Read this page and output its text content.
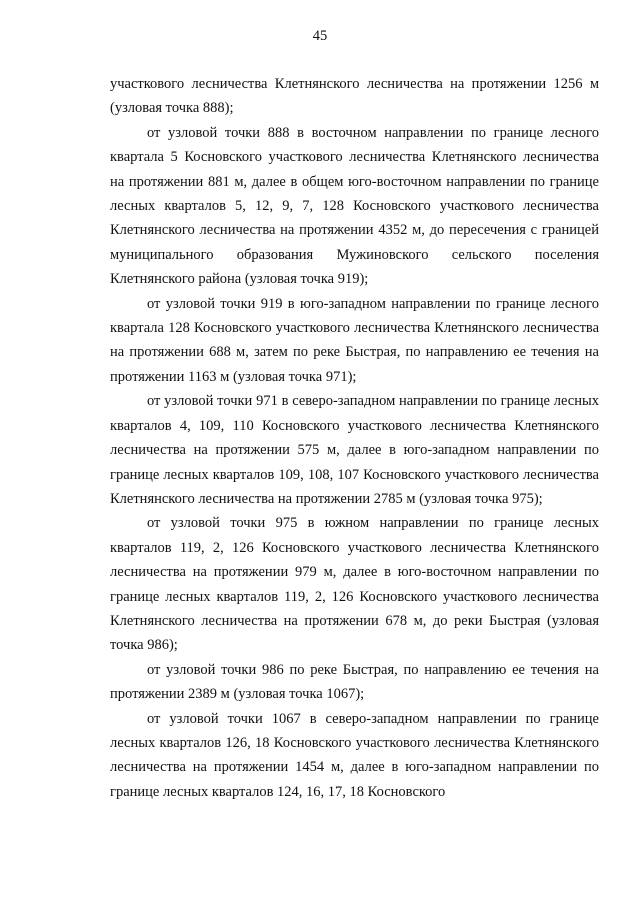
45

участкового лесничества Клетнянского лесничества на протяжении 1256 м (узловая точка 888);

от узловой точки 888 в восточном направлении по границе лесного квартала 5 Косновского участкового лесничества Клетнянского лесничества на протяжении 881 м, далее в общем юго-восточном направлении по границе лесных кварталов 5, 12, 9, 7, 128 Косновского участкового лесничества Клетнянского лесничества на протяжении 4352 м, до пересечения с границей муниципального образования Мужиновского сельского поселения Клетнянского района (узловая точка 919);

от узловой точки 919 в юго-западном направлении по границе лесного квартала 128 Косновского участкового лесничества Клетнянского лесничества на протяжении 688 м, затем по реке Быстрая, по направлению ее течения на протяжении 1163 м (узловая точка 971);

от узловой точки 971 в северо-западном направлении по границе лесных кварталов 4, 109, 110 Косновского участкового лесничества Клетнянского лесничества на протяжении 575 м, далее в юго-западном направлении по границе лесных кварталов 109, 108, 107 Косновского участкового лесничества Клетнянского лесничества на протяжении 2785 м (узловая точка 975);

от узловой точки 975 в южном направлении по границе лесных кварталов 119, 2, 126 Косновского участкового лесничества Клетнянского лесничества на протяжении 979 м, далее в юго-восточном направлении по границе лесных кварталов 119, 2, 126 Косновского участкового лесничества Клетнянского лесничества на протяжении 678 м, до реки Быстрая (узловая точка 986);

от узловой точки 986 по реке Быстрая, по направлению ее течения на протяжении 2389 м (узловая точка 1067);

от узловой точки 1067 в северо-западном направлении по границе лесных кварталов 126, 18 Косновского участкового лесничества Клетнянского лесничества на протяжении 1454 м, далее в юго-западном направлении по границе лесных кварталов 124, 16, 17, 18 Косновского
